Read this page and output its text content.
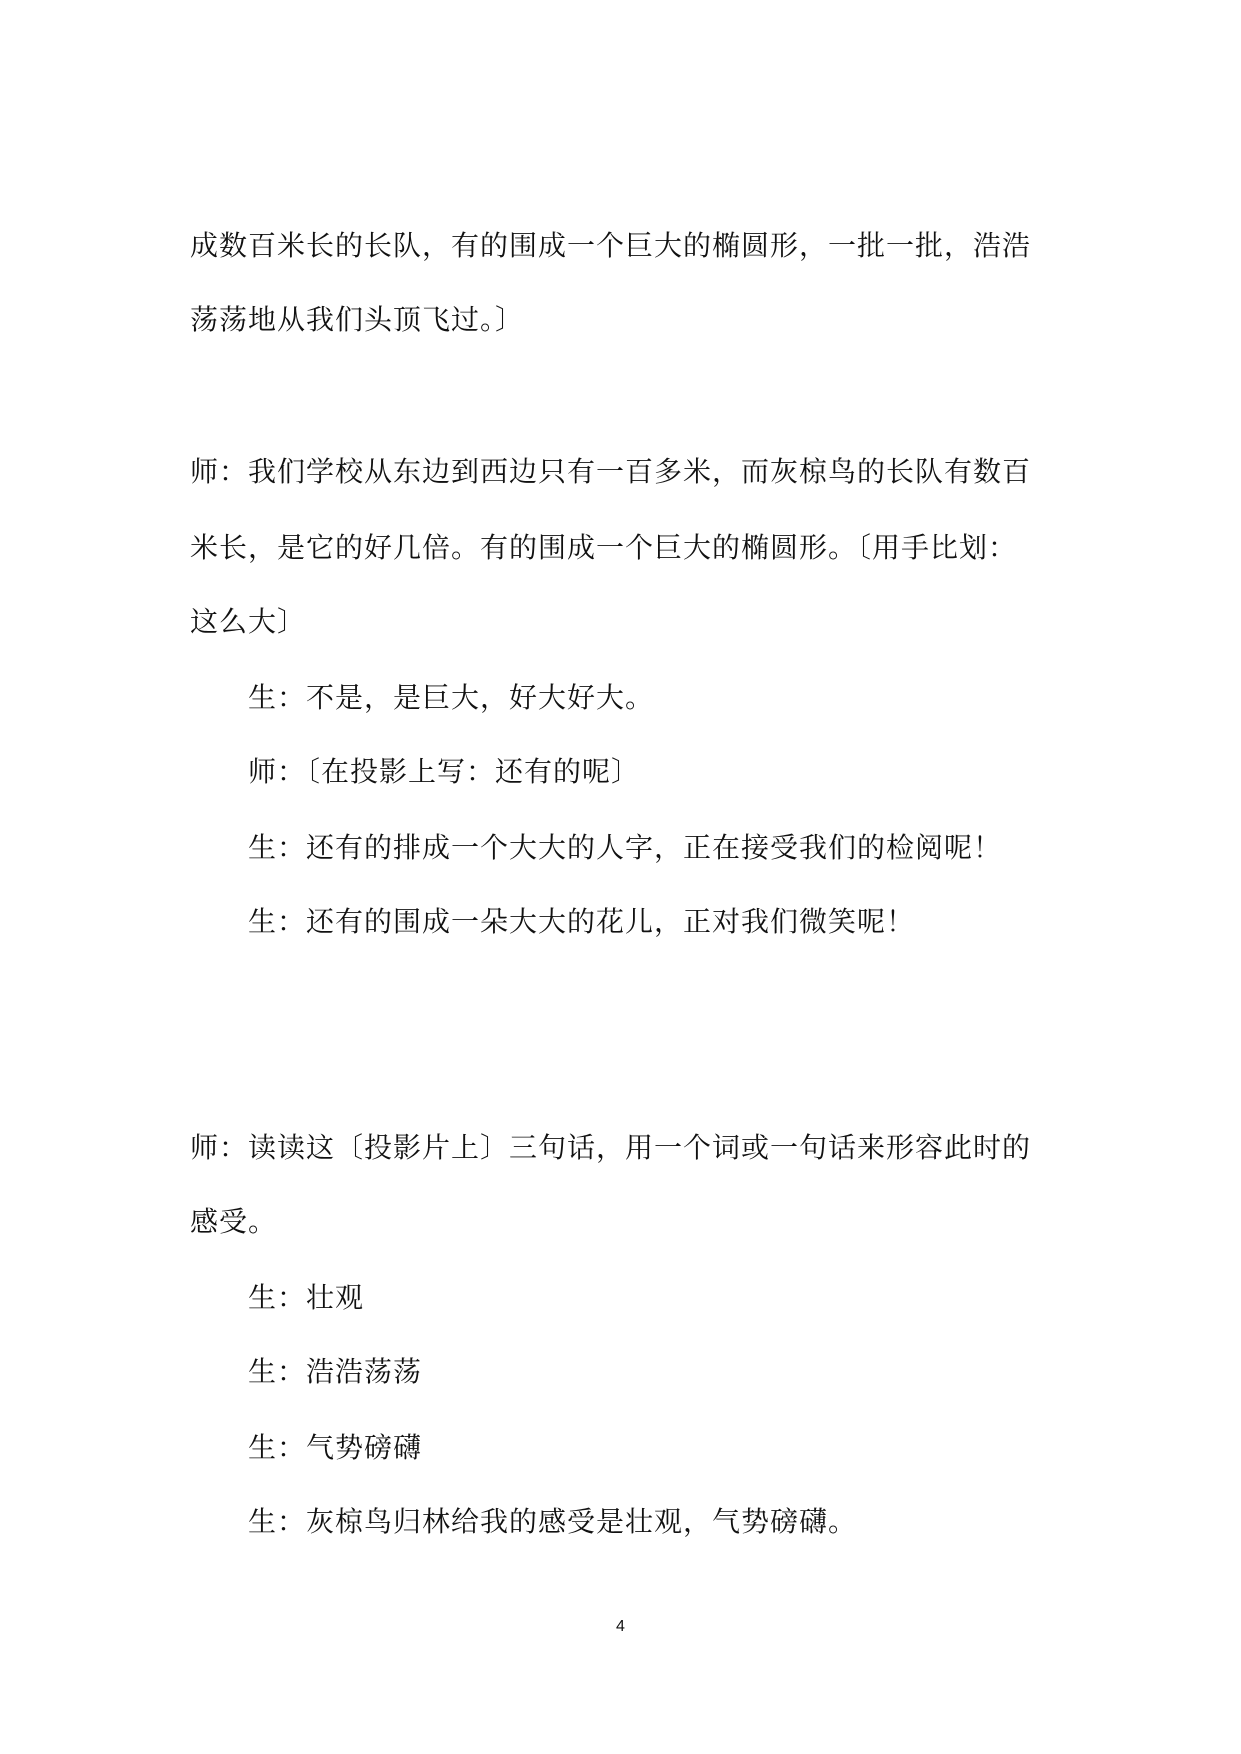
成数百米长的长队，有的围成一个巨大的椭圆形，一批一批，浩浩
荡荡地从我们头顶飞过。〕
师：我们学校从东边到西边只有一百多米，而灰椋鸟的长队有数百
米长，是它的好几倍。有的围成一个巨大的椭圆形。〔用手比划：
这么大〕
生：不是，是巨大，好大好大。
师：〔在投影上写：还有的呢〕
生：还有的排成一个大大的人字，正在接受我们的检阅呢！
生：还有的围成一朵大大的花儿，正对我们微笑呢！
师：读读这〔投影片上〕三句话，用一个词或一句话来形容此时的
感受。
生：壮观
生：浩浩荡荡
生：气势磅礴
生：灰椋鸟归林给我的感受是壮观，气势磅礴。
4
